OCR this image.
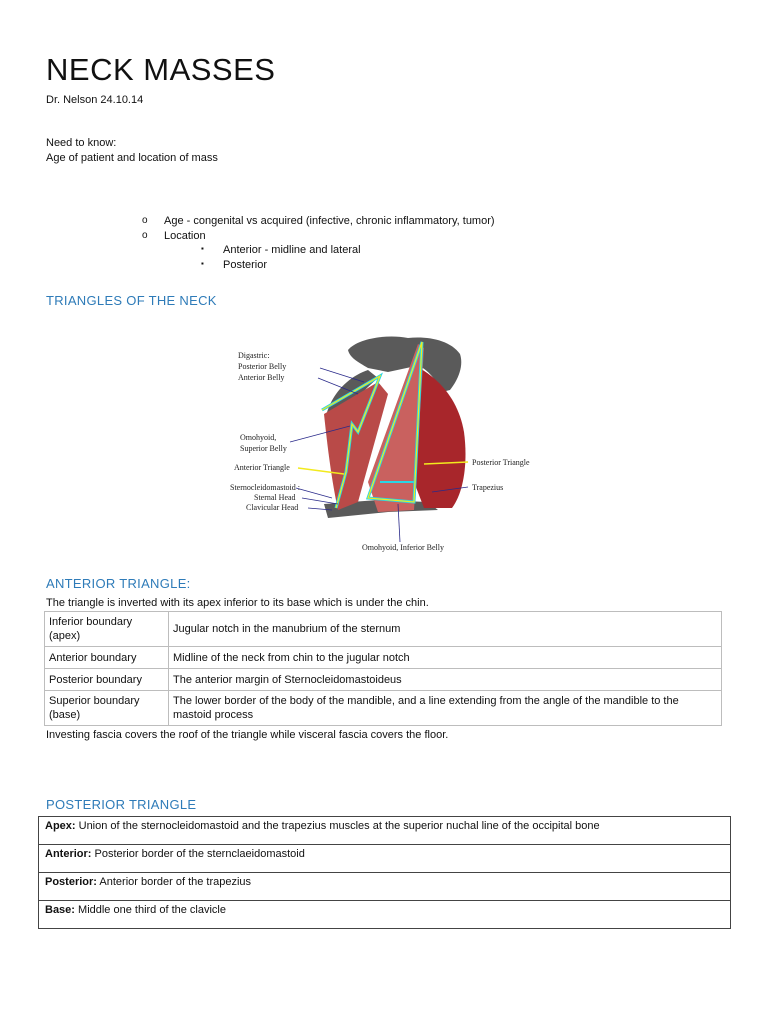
NECK MASSES
Dr. Nelson 24.10.14
Need to know:
Age of patient and location of mass
o Age - congenital vs acquired (infective, chronic inflammatory, tumor)
o Location
▪ Anterior - midline and lateral
▪ Posterior
TRIANGLES OF THE NECK
Digastric:
Posterior Belly
Anterior Belly
Omohyoid,
Superior Belly
Anterior Triangle
Sternocleidomastoid :
Sternal Head
Clavicular Head
Posterior Triangle
Trapezius
Omohyoid, Inferior Belly
ANTERIOR TRIANGLE:
The triangle is inverted with its apex inferior to its base which is under the chin.
Inferior boundary (apex)	Jugular notch in the manubrium of the sternum
Anterior boundary	Midline of the neck from chin to the jugular notch
Posterior boundary	The anterior margin of Sternocleidomastoideus
Superior boundary (base)	The lower border of the body of the mandible, and a line extending from the angle of the mandible to the mastoid process
Investing fascia covers the roof of the triangle while visceral fascia covers the floor.
POSTERIOR TRIANGLE
Apex: Union of the sternocleidomastoid and the trapezius muscles at the superior nuchal line of the occipital bone
Anterior: Posterior border of the sternclaeidomastoid
Posterior: Anterior border of the trapezius
Base: Middle one third of the clavicle
